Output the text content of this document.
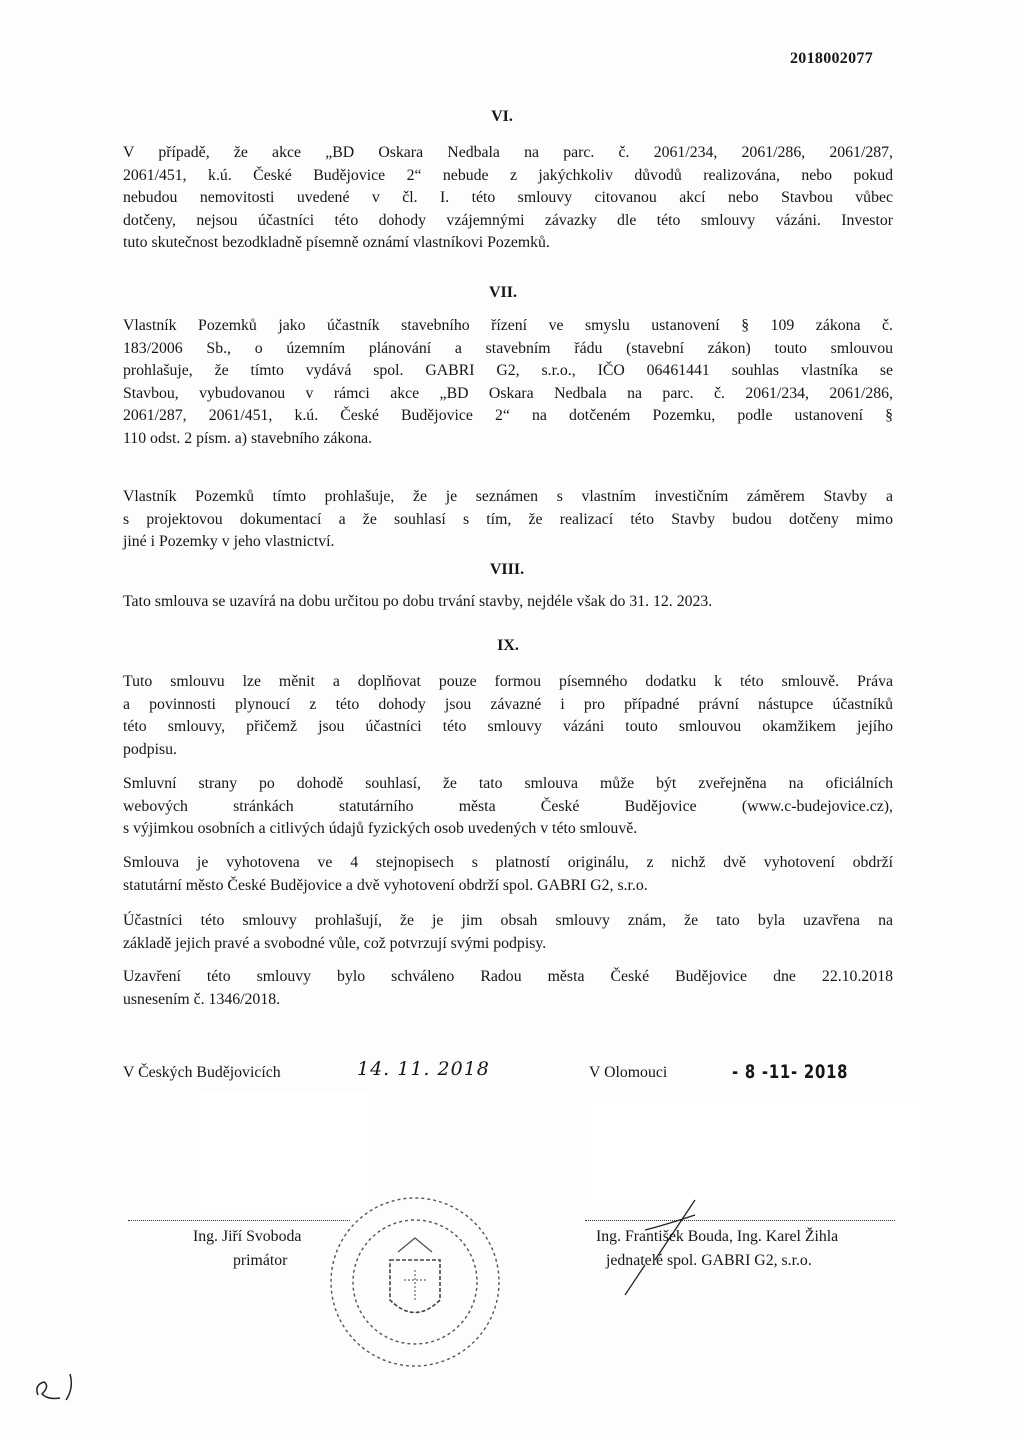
2018002077
VI.
V případě, že akce „BD Oskara Nedbala na parc. č. 2061/234, 2061/286, 2061/287,
2061/451, k.ú. České Budějovice 2“ nebude z jakýchkoliv důvodů realizována, nebo pokud
nebudou nemovitosti uvedené v čl. I. této smlouvy citovanou akcí nebo Stavbou vůbec
dotčeny, nejsou účastníci této dohody vzájemnými závazky dle této smlouvy vázáni. Investor
tuto skutečnost bezodkladně písemně oznámí vlastníkovi Pozemků.
VII.
Vlastník Pozemků jako účastník stavebního řízení ve smyslu ustanovení § 109 zákona č.
183/2006 Sb., o územním plánování a stavebním řádu (stavební zákon) touto smlouvou
prohlašuje, že tímto vydává spol. GABRI G2, s.r.o., IČO 06461441 souhlas vlastníka se
Stavbou, vybudovanou v rámci akce „BD Oskara Nedbala na parc. č. 2061/234, 2061/286,
2061/287, 2061/451, k.ú. České Budějovice 2“ na dotčeném Pozemku, podle ustanovení §
110 odst. 2 písm. a) stavebního zákona.
Vlastník Pozemků tímto prohlašuje, že je seznámen s vlastním investičním záměrem Stavby a
s projektovou dokumentací a že souhlasí s tím, že realizací této Stavby budou dotčeny mimo
jiné i Pozemky v jeho vlastnictví.
VIII.
Tato smlouva se uzavírá na dobu určitou po dobu trvání stavby, nejdéle však do 31. 12. 2023.
IX.
Tuto smlouvu lze měnit a doplňovat pouze formou písemného dodatku k této smlouvě. Práva
a povinnosti plynoucí z této dohody jsou závazné i pro případné právní nástupce účastníků
této smlouvy, přičemž jsou účastníci této smlouvy vázáni touto smlouvou okamžikem jejího
podpisu.
Smluvní strany po dohodě souhlasí, že tato smlouva může být zveřejněna na oficiálních
webových stránkách statutárního města České Budějovice (www.c-budejovice.cz),
s výjimkou osobních a citlivých údajů fyzických osob uvedených v této smlouvě.
Smlouva je vyhotovena ve 4 stejnopisech s platností originálu, z nichž dvě vyhotovení obdrží
statutární město České Budějovice a dvě vyhotovení obdrží spol. GABRI G2, s.r.o.
Účastníci této smlouvy prohlašují, že je jim obsah smlouvy znám, že tato byla uzavřena na
základě jejich pravé a svobodné vůle, což potvrzují svými podpisy.
Uzavření této smlouvy bylo schváleno Radou města České Budějovice dne 22.10.2018
usnesením č. 1346/2018.
V Českých Budějovicích	14. 11. 2018	V Olomouci	- 8 -11- 2018
Ing. Jiří Svoboda
primátor
Ing. František Bouda, Ing. Karel Žihla
jednatelé spol. GABRI G2, s.r.o.
